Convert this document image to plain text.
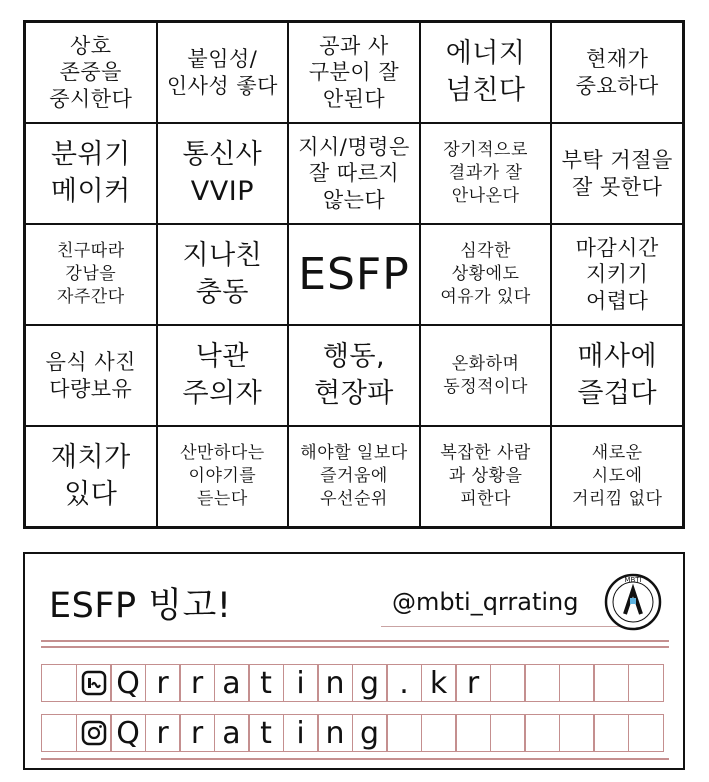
상호
존중을
중시한다
붙임성/
인사성 좋다
공과 사
구분이 잘
안된다
에너지
넘친다
현재가
중요하다
분위기
메이커
통신사
VVIP
지시/명령은
잘 따르지
않는다
장기적으로
결과가 잘
안나온다
부탁 거절을
잘 못한다
친구따라
강남을
자주간다
지나친
충동	ESFP	심각한
상황에도
여유가 있다
마감시간
지키기
어렵다
음식 사진
다량보유
낙관
주의자
행동,
현장파
온화하며
동정적이다
매사에
즐겁다
재치가
있다
산만하다는
이야기를
듣는다
해야할 일보다
즐거움에
우선순위
복잡한 사람
과 상황을
피한다
새로운
시도에
거리낌 없다
ESFP 빙고!	@mbti_qrrating
MBTI
Q r r a t i n g . k r
Q r r a t i n g
